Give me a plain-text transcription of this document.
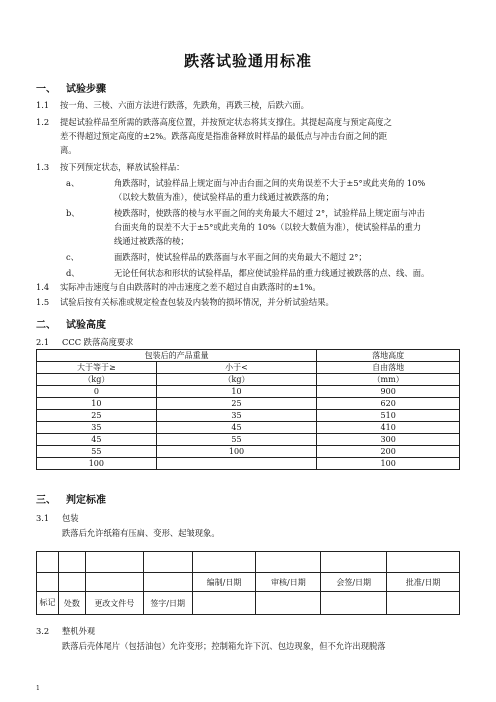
跌落试验通用标准
一、 试验步骤
1.1 按一角、三棱、六面方法进行跌落，先跌角，再跌三棱，后跌六面。
1.2 提起试验样品至所需的跌落高度位置，并按预定状态将其支撑住。其提起高度与预定高度之
差不得超过预定高度的±2%。跌落高度是指准备释放时样品的最低点与冲击台面之间的距
离。
1.3 按下列预定状态，释放试验样品：
a、	角跌落时，试验样品上规定面与冲击台面之间的夹角误差不大于±5°或此夹角的 10%
（以较大数值为准），使试验样品的重力线通过被跌落的角；
b、	棱跌落时，使跌落的棱与水平面之间的夹角最大不超过 2°，试验样品上规定面与冲击
台面夹角的误差不大于±5°或此夹角的 10%（以较大数值为准），使试验样品的重力
线通过被跌落的棱；
c、	面跌落时，使试验样品的跌落面与水平面之间的夹角最大不超过 2°；
d、	无论任何状态和形状的试验样品，都应使试验样品的重力线通过被跌落的点、线、面。
1.4 实际冲击速度与自由跌落时的冲击速度之差不超过自由跌落时的±1%。
1.5 试验后按有关标准或规定检查包装及内装物的损坏情况，并分析试验结果。
二、 试验高度
2.1 CCC 跌落高度要求
包装后的产品重量		落地高度
大于等于≥	小于<	自由落地
（kg）	（kg）	（mm）
0	10	900
10	25	620
25	35	510
35	45	410
45	55	300
55	100	200
100		100
三、 判定标准
3.1 包装
跌落后允许纸箱有压扁、变形、起皱现象。

				编制/日期	审核/日期	会签/日期	批准/日期
标记	处数	更改文件号	签字/日期				
3.2 整机外观
跌落后壳体尾片（包括油包）允许变形；控制箱允许下沉、包边现象，但不允许出现脱落
1
